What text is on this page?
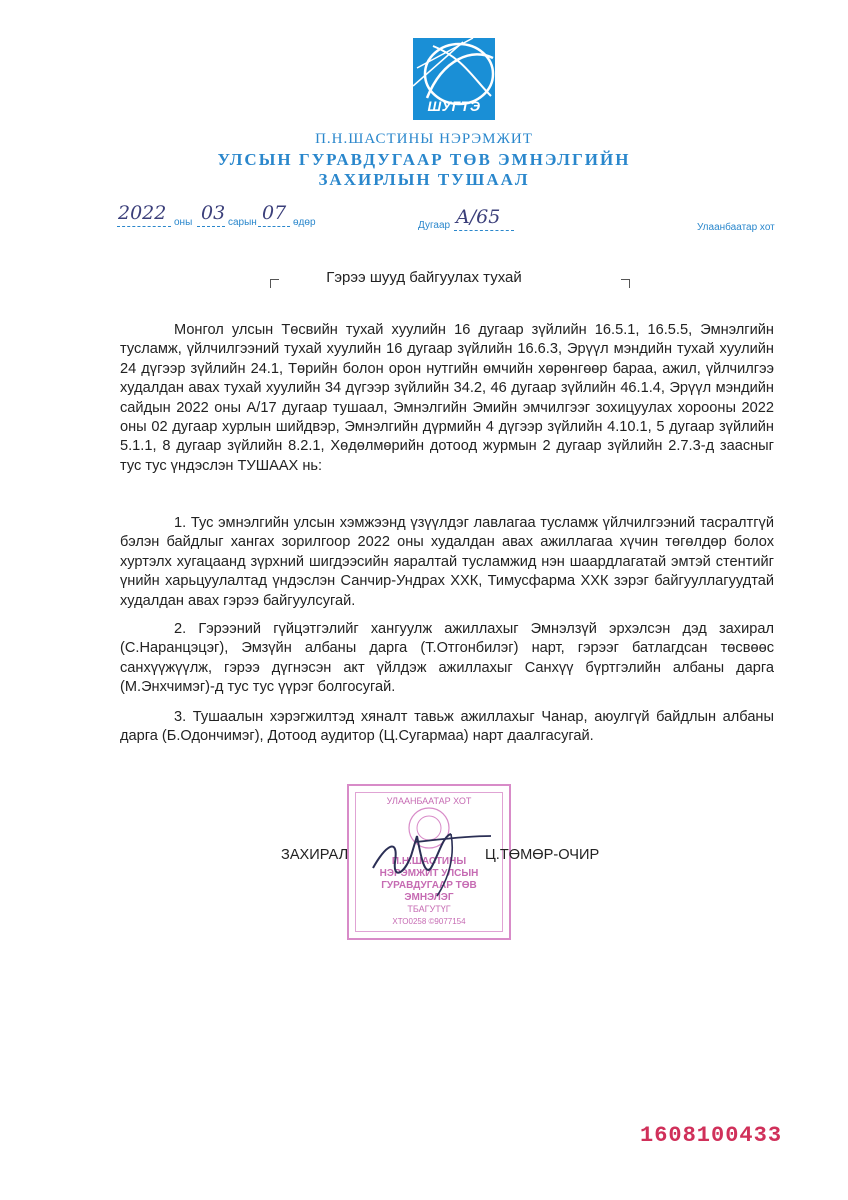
ШУГТЭ
П.Н.ШАСТИНЫ НЭРЭМЖИТ
УЛСЫН ГУРАВДУГААР ТӨВ ЭМНЭЛГИЙН
ЗАХИРЛЫН ТУШААЛ
2022 оны 03 сарын 07 өдөр	Дугаар A/65	Улаанбаатар хот
Гэрээ шууд байгуулах тухай

Монгол улсын Төсвийн тухай хуулийн 16 дугаар зүйлийн 16.5.1, 16.5.5, Эмнэлгийн тусламж, үйлчилгээний тухай хуулийн 16 дугаар зүйлийн 16.6.3, Эрүүл мэндийн тухай хуулийн 24 дүгээр зүйлийн 24.1, Төрийн болон орон нутгийн өмчийн хөрөнгөөр бараа, ажил, үйлчилгээ худалдан авах тухай хуулийн 34 дүгээр зүйлийн 34.2, 46 дугаар зүйлийн 46.1.4, Эрүүл мэндийн сайдын 2022 оны А/17 дугаар тушаал, Эмнэлгийн Эмийн эмчилгээг зохицуулах хорооны 2022 оны 02 дугаар хурлын шийдвэр, Эмнэлгийн дүрмийн 4 дүгээр зүйлийн 4.10.1, 5 дугаар зүйлийн 5.1.1, 8 дугаар зүйлийн 8.2.1, Хөдөлмөрийн дотоод журмын 2 дугаар зүйлийн 2.7.3-д заасныг тус тус үндэслэн ТУШААХ нь:

1. Тус эмнэлгийн улсын хэмжээнд үзүүлдэг лавлагаа тусламж үйлчилгээний тасралтгүй бэлэн байдлыг хангах зорилгоор 2022 оны худалдан авах ажиллагаа хүчин төгөлдөр болох хуртэлх хугацаанд зүрхний шигдээсийн яаралтай тусламжид нэн шаардлагатай эмтэй стентийг үнийн харьцуулалтад үндэслэн Санчир-Ундрах ХХК, Тимусфарма ХХК зэрэг байгууллагуудтай худалдан авах гэрээ байгуулсугай.

2. Гэрээний гүйцэтгэлийг хангуулж ажиллахыг Эмнэлзүй эрхэлсэн дэд захирал (С.Наранцэцэг), Эмзүйн албаны дарга (Т.Отгонбилэг) нарт, гэрээг батлагдсан төсвөөс санхүүжүүлж, гэрээ дүгнэсэн акт үйлдэж ажиллахыг Санхүү бүртгэлийн албаны дарга (М.Энхчимэг)-д тус тус үүрэг болгосугай.

3. Тушаалын хэрэгжилтэд хяналт тавьж ажиллахыг Чанар, аюулгүй байдлын албаны дарга (Б.Одончимэг), Дотоод аудитор (Ц.Сугармаа) нарт даалгасугай.

УЛААНБААТАР ХОТ
П.Н.ШАСТИНЫ
НЭРЭМЖИТ УЛСЫН
ГУРАВДУГААР ТӨВ
ЭМНЭЛЭГ
ТБАГУТҮГ
ХТО0258 ©9077154
ЗАХИРАЛ	Ц.ТӨМӨР-ОЧИР
1608100433
